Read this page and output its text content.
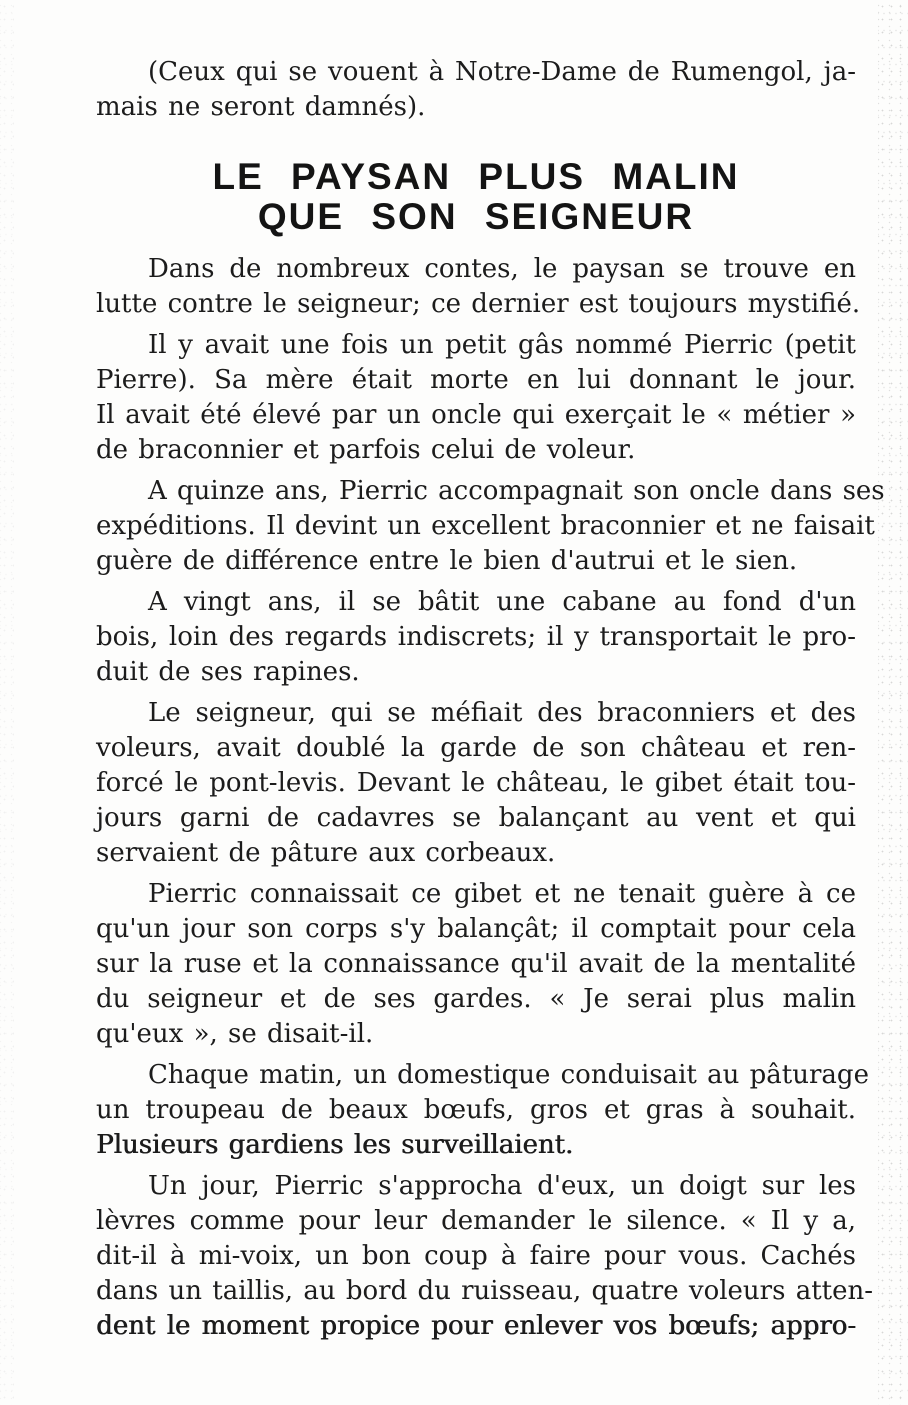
(Ceux qui se vouent à Notre-Dame de Rumengol, ja-
mais ne seront damnés).
LE PAYSAN PLUS MALIN
QUE SON SEIGNEUR
Dans de nombreux contes, le paysan se trouve en
lutte contre le seigneur; ce dernier est toujours mystifié.
Il y avait une fois un petit gâs nommé Pierric (petit
Pierre). Sa mère était morte en lui donnant le jour.
Il avait été élevé par un oncle qui exerçait le « métier »
de braconnier et parfois celui de voleur.
A quinze ans, Pierric accompagnait son oncle dans ses
expéditions. Il devint un excellent braconnier et ne faisait
guère de différence entre le bien d'autrui et le sien.
A vingt ans, il se bâtit une cabane au fond d'un
bois, loin des regards indiscrets; il y transportait le pro-
duit de ses rapines.
Le seigneur, qui se méfiait des braconniers et des
voleurs, avait doublé la garde de son château et ren-
forcé le pont-levis. Devant le château, le gibet était tou-
jours garni de cadavres se balançant au vent et qui
servaient de pâture aux corbeaux.
Pierric connaissait ce gibet et ne tenait guère à ce
qu'un jour son corps s'y balançât; il comptait pour cela
sur la ruse et la connaissance qu'il avait de la mentalité
du seigneur et de ses gardes. « Je serai plus malin
qu'eux », se disait-il.
Chaque matin, un domestique conduisait au pâturage
un troupeau de beaux bœufs, gros et gras à souhait.
Plusieurs gardiens les surveillaient.
Un jour, Pierric s'approcha d'eux, un doigt sur les
lèvres comme pour leur demander le silence. « Il y a,
dit-il à mi-voix, un bon coup à faire pour vous. Cachés
dans un taillis, au bord du ruisseau, quatre voleurs atten-
dent le moment propice pour enlever vos bœufs; appro-
